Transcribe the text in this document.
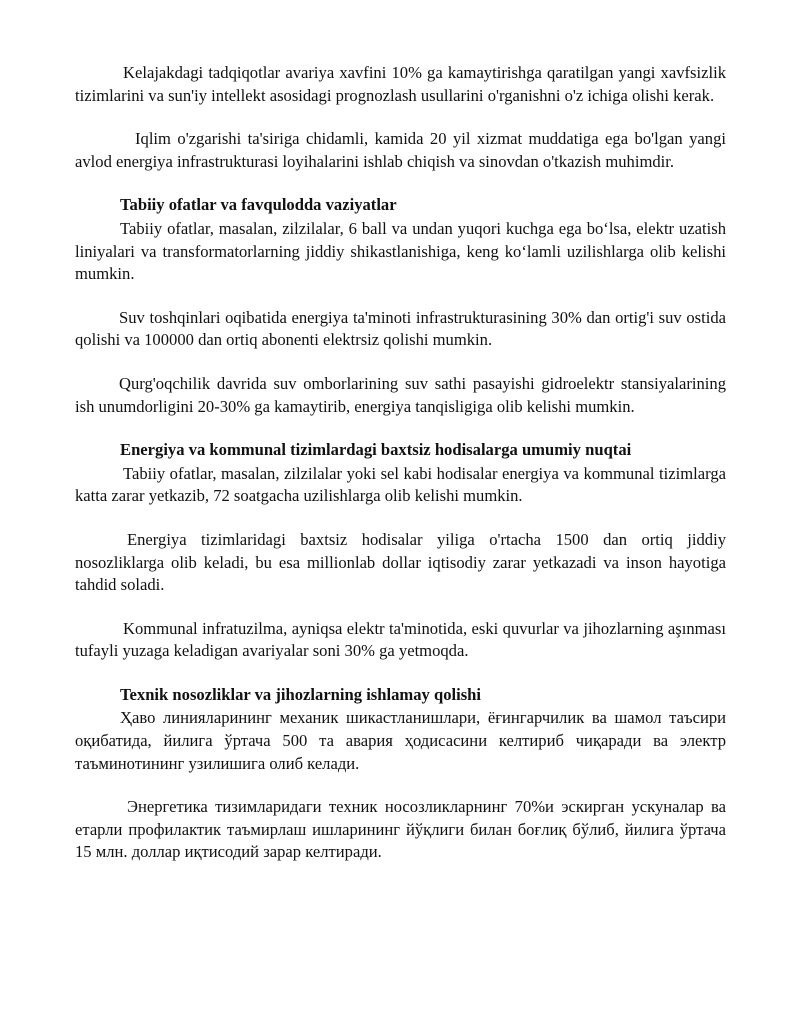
Kelajakdagi tadqiqotlar avariya xavfini 10% ga kamaytirishga qaratilgan yangi xavfsizlik tizimlarini va sun'iy intellekt asosidagi prognozlash usullarini o'rganishni o'z ichiga olishi kerak.

Iqlim o'zgarishi ta'siriga chidamli, kamida 20 yil xizmat muddatiga ega bo'lgan yangi avlod energiya infrastrukturasi loyihalarini ishlab chiqish va sinovdan o'tkazish muhimdir.

Tabiiy ofatlar va favqulodda vaziyatlar

Tabiiy ofatlar, masalan, zilzilalar, 6 ball va undan yuqori kuchga ega boʻlsa, elektr uzatish liniyalari va transformatorlarning jiddiy shikastlanishiga, keng koʻlamli uzilishlarga olib kelishi mumkin.

Suv toshqinlari oqibatida energiya ta'minoti infrastrukturasining 30% dan ortig'i suv ostida qolishi va 100000 dan ortiq abonenti elektrsiz qolishi mumkin.

Qurg'oqchilik davrida suv omborlarining suv sathi pasayishi gidroelektr stansiyalarining ish unumdorligini 20-30% ga kamaytirib, energiya tanqisligiga olib kelishi mumkin.

Energiya va kommunal tizimlardagi baxtsiz hodisalarga umumiy nuqtai

Tabiiy ofatlar, masalan, zilzilalar yoki sel kabi hodisalar energiya va kommunal tizimlarga katta zarar yetkazib, 72 soatgacha uzilishlarga olib kelishi mumkin.

Energiya tizimlaridagi baxtsiz hodisalar yiliga o'rtacha 1500 dan ortiq jiddiy nosozliklarga olib keladi, bu esa millionlab dollar iqtisodiy zarar yetkazadi va inson hayotiga tahdid soladi.

Kommunal infratuzilma, ayniqsa elektr ta'minotida, eski quvurlar va jihozlarning aşınması tufayli yuzaga keladigan avariyalar soni 30% ga yetmoqda.

Texnik nosozliklar va jihozlarning ishlamay qolishi

Ҳаво линияларининг механик шикастланишлари, ёғингарчилик ва шамол таъсири оқибатида, йилига ўртача 500 та авария ҳодисасини келтириб чиқаради ва электр таъминотининг узилишига олиб келади.

Энергетика тизимларидаги техник носозликларнинг 70%и эскирган ускуналар ва етарли профилактик таъмирлаш ишларининг йўқлиги билан боғлиқ бўлиб, йилига ўртача 15 млн. доллар иқтисодий зарар келтиради.
